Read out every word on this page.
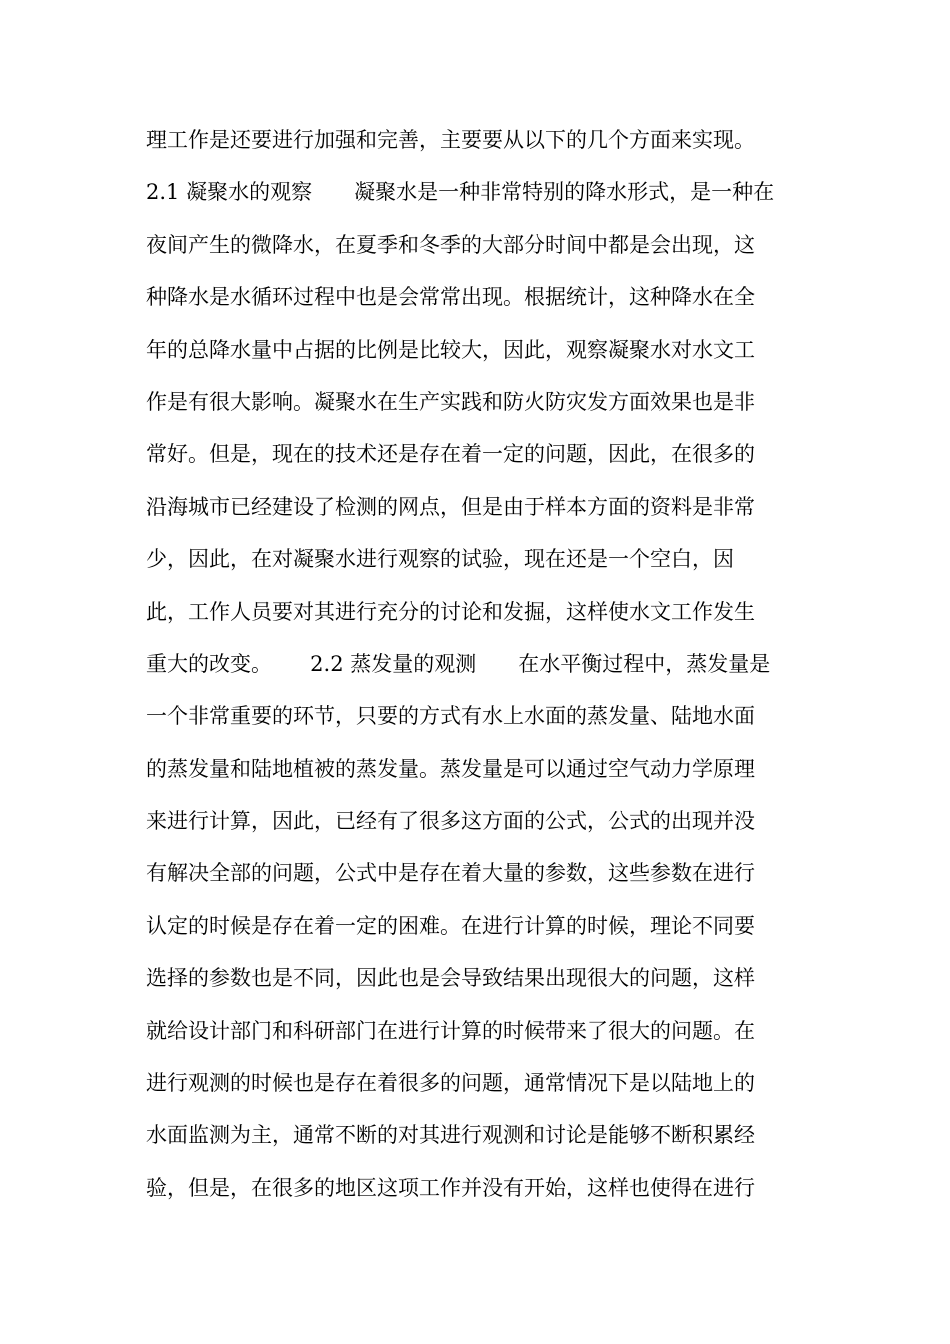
理工作是还要进行加强和完善，主要要从以下的几个方面来实现。
2.1 凝聚水的观察　　凝聚水是一种非常特别的降水形式，是一种在
夜间产生的微降水，在夏季和冬季的大部分时间中都是会出现，这
种降水是水循环过程中也是会常常出现。根据统计，这种降水在全
年的总降水量中占据的比例是比较大，因此，观察凝聚水对水文工
作是有很大影响。凝聚水在生产实践和防火防灾发方面效果也是非
常好。但是，现在的技术还是存在着一定的问题，因此，在很多的
沿海城市已经建设了检测的网点，但是由于样本方面的资料是非常
少，因此，在对凝聚水进行观察的试验，现在还是一个空白，因
此，工作人员要对其进行充分的讨论和发掘，这样使水文工作发生
重大的改变。　　 2.2 蒸发量的观测　　在水平衡过程中，蒸发量是
一个非常重要的环节，只要的方式有水上水面的蒸发量、陆地水面
的蒸发量和陆地植被的蒸发量。蒸发量是可以通过空气动力学原理
来进行计算，因此，已经有了很多这方面的公式，公式的出现并没
有解决全部的问题，公式中是存在着大量的参数，这些参数在进行
认定的时候是存在着一定的困难。在进行计算的时候，理论不同要
选择的参数也是不同，因此也是会导致结果出现很大的问题，这样
就给设计部门和科研部门在进行计算的时候带来了很大的问题。在
进行观测的时候也是存在着很多的问题，通常情况下是以陆地上的
水面监测为主，通常不断的对其进行观测和讨论是能够不断积累经
验，但是，在很多的地区这项工作并没有开始，这样也使得在进行
